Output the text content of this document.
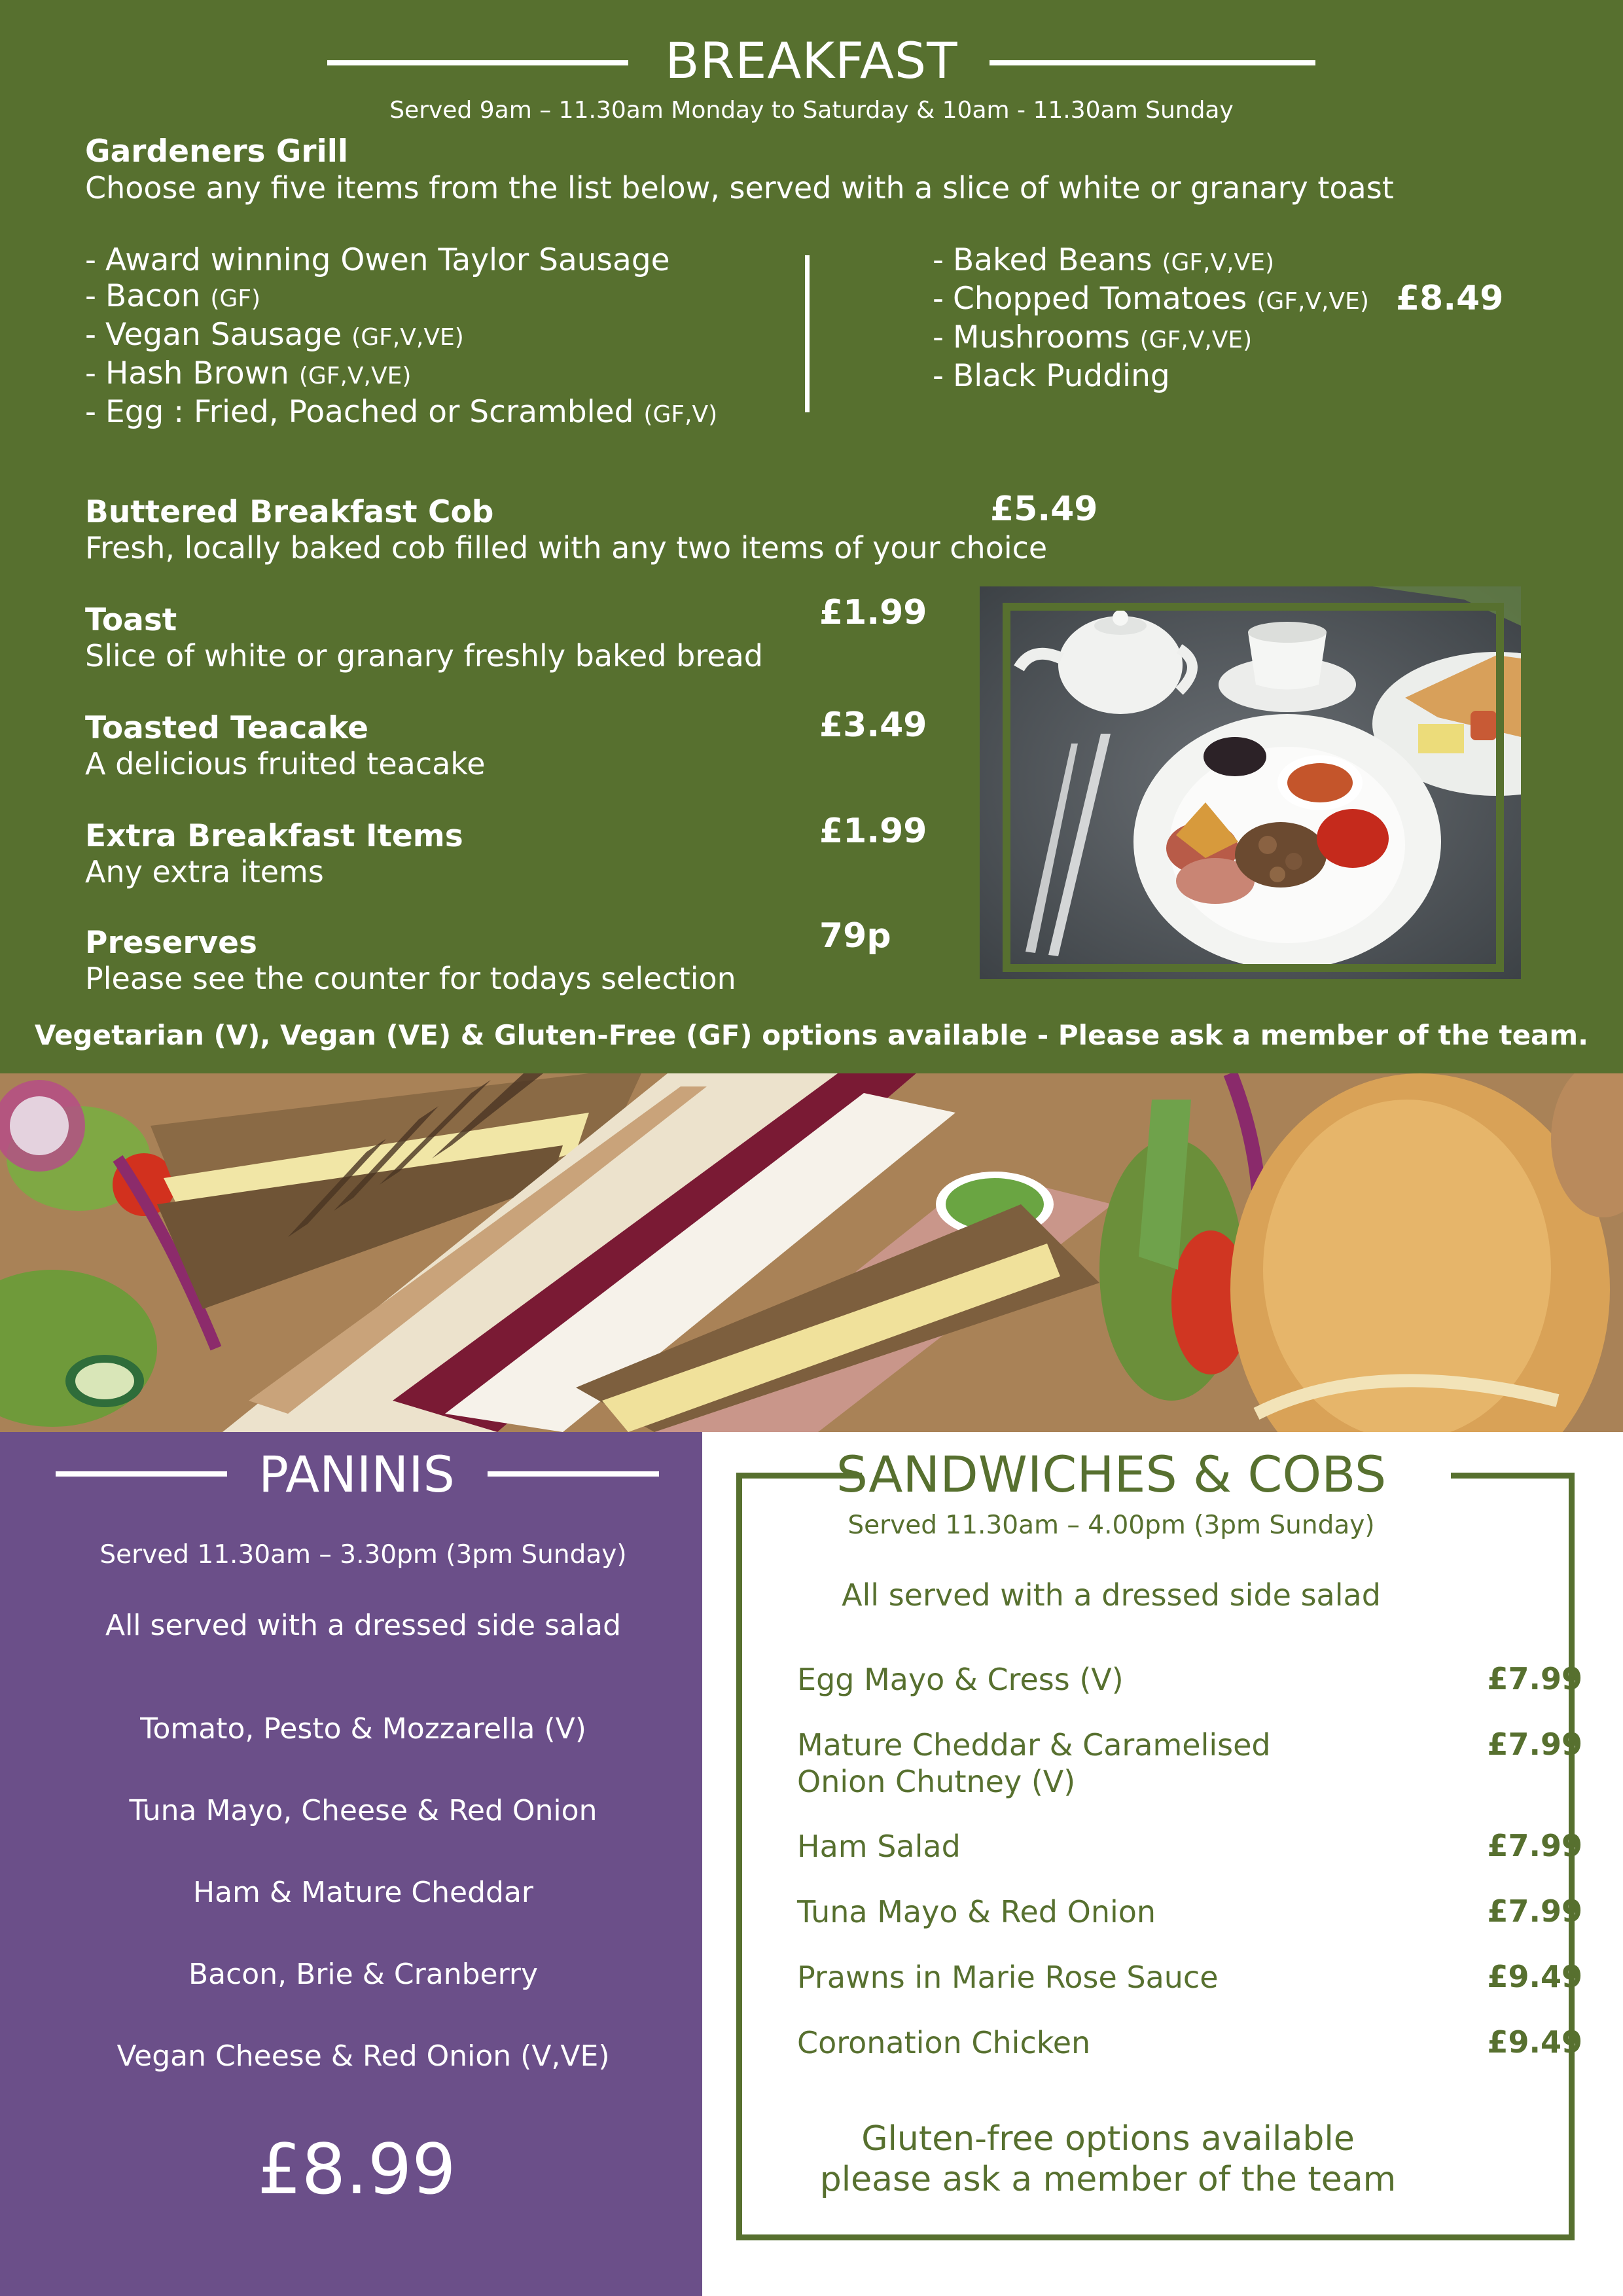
BREAKFAST
Served 9am – 11.30am Monday to Saturday & 10am - 11.30am Sunday
Gardeners Grill
Choose any five items from the list below, served with a slice of white or granary toast
- Award winning Owen Taylor Sausage
- Bacon (GF)
- Vegan Sausage (GF,V,VE)
- Hash Brown (GF,V,VE)
- Egg : Fried, Poached or Scrambled (GF,V)
- Baked Beans (GF,V,VE)
- Chopped Tomatoes (GF,V,VE)
- Mushrooms (GF,V,VE)
- Black Pudding
£8.49
Buttered Breakfast Cob
Fresh, locally baked cob filled with any two items of your choice
£5.49
Toast
Slice of white or granary freshly baked bread
£1.99
Toasted Teacake
A delicious fruited teacake
£3.49
Extra Breakfast Items
Any extra items
£1.99
Preserves
Please see the counter for todays selection
79p
Vegetarian (V), Vegan (VE) & Gluten-Free (GF) options available - Please ask a member of the team.
PANINIS
Served 11.30am – 3.30pm (3pm Sunday)
All served with a dressed side salad
Tomato, Pesto & Mozzarella (V)
Tuna Mayo, Cheese & Red Onion
Ham & Mature Cheddar
Bacon, Brie & Cranberry
Vegan Cheese & Red Onion (V,VE)
£8.99
SANDWICHES & COBS
Served 11.30am – 4.00pm (3pm Sunday)
All served with a dressed side salad
Egg Mayo & Cress (V)	£7.99
Mature Cheddar & Caramelised
Onion Chutney (V)
£7.99
Ham Salad	£7.99
Tuna Mayo & Red Onion	£7.99
Prawns in Marie Rose Sauce	£9.49
Coronation Chicken	£9.49
Gluten-free options available
please ask a member of the team
